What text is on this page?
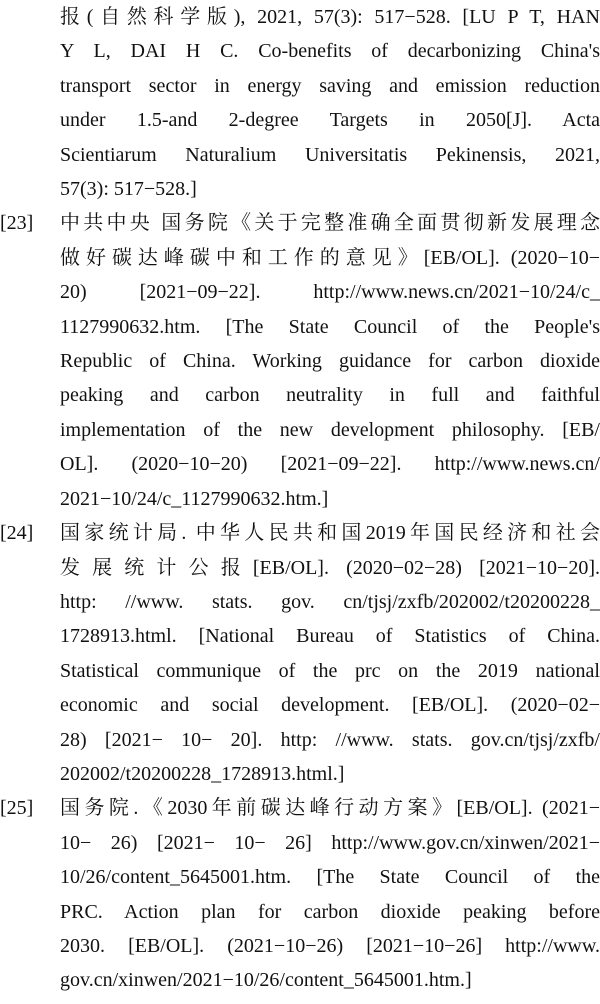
报(自然科学版), 2021, 57(3): 517−528. [LU P T, HAN
Y L, DAI H C. Co-benefits of decarbonizing China's
transport sector in energy saving and emission reduction
under 1.5-and 2-degree Targets in 2050[J]. Acta
Scientiarum Naturalium Universitatis Pekinensis, 2021,
57(3): 517−528.]
[23]	中共中央 国务院《关于完整准确全面贯彻新发展理念
做好碳达峰碳中和工作的意见》[EB/OL]. (2020−10−
20) [2021−09−22]. http://www.news.cn/2021−10/24/c_
1127990632.htm. [The State Council of the People's
Republic of China. Working guidance for carbon dioxide
peaking and carbon neutrality in full and faithful
implementation of the new development philosophy. [EB/
OL]. (2020−10−20) [2021−09−22]. http://www.news.cn/
2021−10/24/c_1127990632.htm.]
[24]	国家统计局. 中华人民共和国2019年国民经济和社会
发展统计公报[EB/OL]. (2020−02−28) [2021−10−20].
http: //www. stats. gov. cn/tjsj/zxfb/202002/t20200228_
1728913.html. [National Bureau of Statistics of China.
Statistical communique of the prc on the 2019 national
economic and social development. [EB/OL]. (2020−02−
28) [2021− 10− 20]. http: //www. stats. gov.cn/tjsj/zxfb/
202002/t20200228_1728913.html.]
[25]	国务院.《2030年前碳达峰行动方案》[EB/OL]. (2021−
10− 26) [2021− 10− 26] http://www.gov.cn/xinwen/2021−
10/26/content_5645001.htm. [The State Council of the
PRC. Action plan for carbon dioxide peaking before
2030. [EB/OL]. (2021−10−26) [2021−10−26] http://www.
gov.cn/xinwen/2021−10/26/content_5645001.htm.]
